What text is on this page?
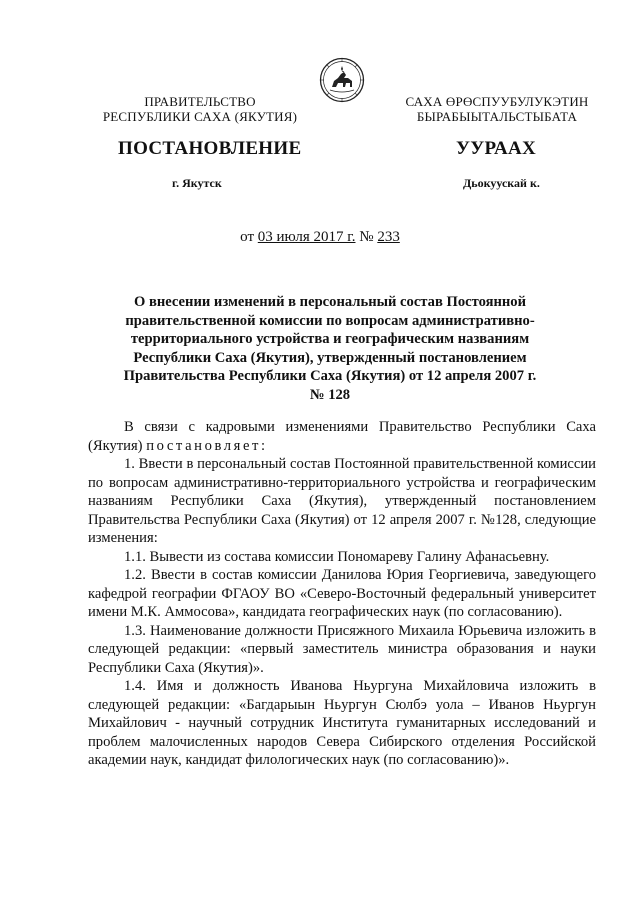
ПРАВИТЕЛЬСТВО
РЕСПУБЛИКИ САХА (ЯКУТИЯ)
САХА ӨРӨСПУУБУЛУКЭТИН
БЫРАБЫЫТАЛЬСТЫБАТА
ПОСТАНОВЛЕНИЕ	УУРААХ
г. Якутск	Дьокуускай к.
от 03 июля 2017 г. № 233
О внесении изменений в персональный состав Постоянной правительственной комиссии по вопросам административно-территориального устройства и географическим названиям Республики Саха (Якутия), утвержденный постановлением Правительства Республики Саха (Якутия) от 12 апреля 2007 г. № 128

В связи с кадровыми изменениями Правительство Республики Саха (Якутия) постановляет:

1. Ввести в персональный состав Постоянной правительственной комиссии по вопросам административно-территориального устройства и географическим названиям Республики Саха (Якутия), утвержденный постановлением Правительства Республики Саха (Якутия) от 12 апреля 2007 г. №128, следующие изменения:

1.1. Вывести из состава комиссии Пономареву Галину Афанасьевну.

1.2. Ввести в состав комиссии Данилова Юрия Георгиевича, заведующего кафедрой географии ФГАОУ ВО «Северо-Восточный федеральный университет имени М.К. Аммосова», кандидата географических наук (по согласованию).

1.3. Наименование должности Присяжного Михаила Юрьевича изложить в следующей редакции: «первый заместитель министра образования и науки Республики Саха (Якутия)».

1.4. Имя и должность Иванова Ньургуна Михайловича изложить в следующей редакции: «Багдарыын Ньургун Сюлбэ уола – Иванов Ньургун Михайлович - научный сотрудник Института гуманитарных исследований и проблем малочисленных народов Севера Сибирского отделения Российской академии наук, кандидат филологических наук (по согласованию)».
